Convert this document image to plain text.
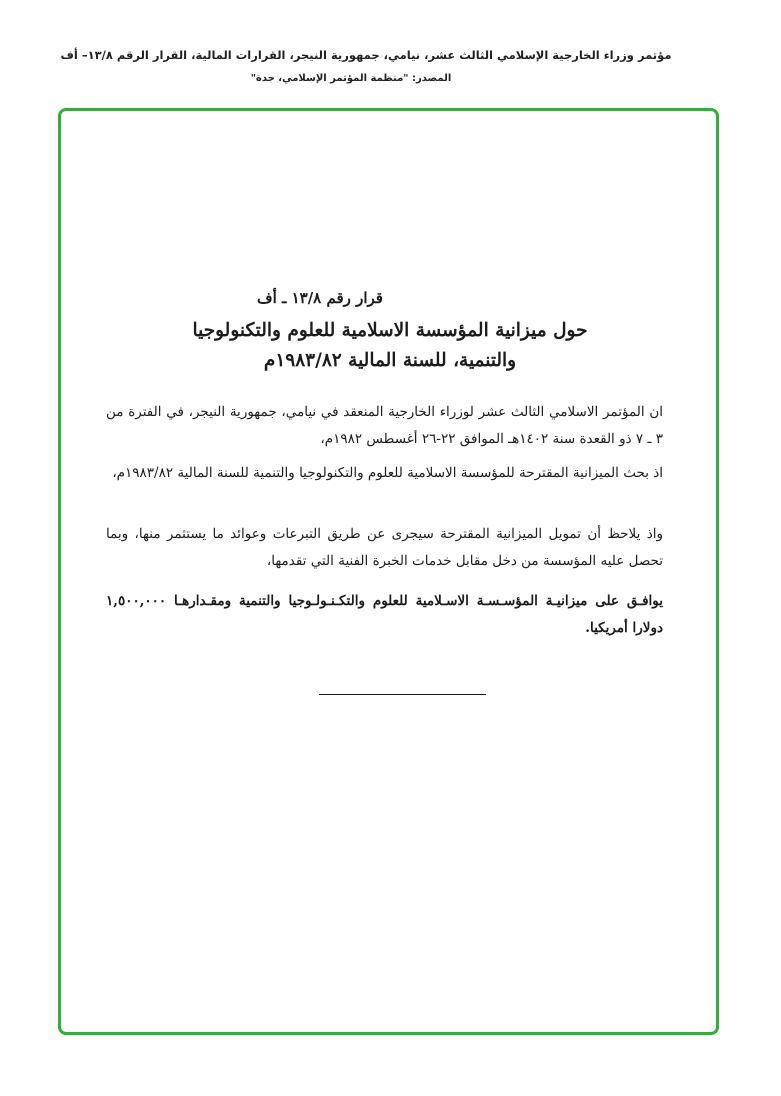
مؤتمر وزراء الخارجية الإسلامي الثالث عشر، نيامي، جمهورية النيجر، القرارات المالية، القرار الرقم ١٣/٨– أف
المصدر: "منظمة المؤتمر الإسلامي، جدة"
قرار رقم ١٣/٨ ـ أف
حول ميزانية المؤسسة الاسلامية للعلوم والتكنولوجيا
والتنمية، للسنة المالية ١٩٨٣/٨٢م
ان المؤتمر الاسلامي الثالث عشر لوزراء الخارجية المنعقد في نيامي، جمهورية النيجر، في الفترة من ٣ ـ ٧ ذو القعدة سنة ١٤٠٢هـ الموافق ٢٢-٢٦ أغسطس ١٩٨٢م،
اذ بحث الميزانية المقترحة للمؤسسة الاسلامية للعلوم والتكنولوجيا والتنمية للسنة المالية ١٩٨٣/٨٢م،
واذ يلاحظ أن تمويل الميزانية المقترحة سيجرى عن طريق التبرعات وعوائد ما يستثمر منها، وبما تحصل عليه المؤسسة من دخل مقابل خدمات الخبرة الفنية التي تقدمها،
يوافـق على ميزانيـة المؤسـسـة الاسـلامية للعلوم والتكـنـولـوجيا والتنمية ومقـدارهـا ١,٥٠٠,٠٠٠ دولارا أمريكيا.
